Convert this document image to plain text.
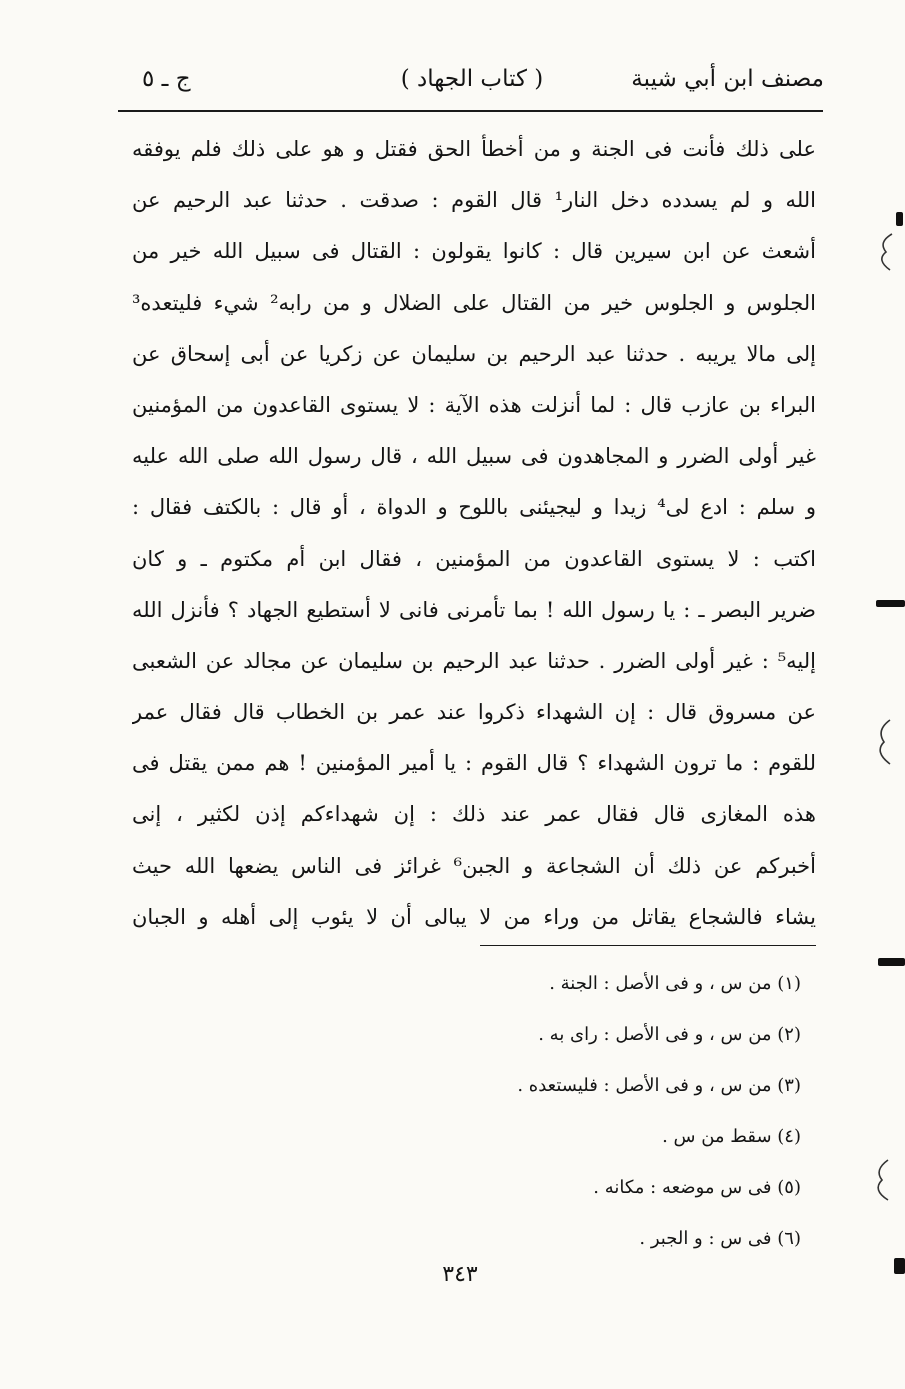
مصنف ابن أبي شيبة
( كتاب الجهاد )
ج ـ ٥
على ذلك فأنت فى الجنة و من أخطأ الحق فقتل و هو على ذلك فلم يوفقه
الله و لم يسدده دخل النار¹ قال القوم : صدقت . حدثنا عبد الرحيم عن
أشعث عن ابن سيرين قال : كانوا يقولون : القتال فى سبيل الله خير من
الجلوس و الجلوس خير من القتال على الضلال و من رابه² شيء فليتعده³
إلى مالا يريبه . حدثنا عبد الرحيم بن سليمان عن زكريا عن أبى إسحاق عن
البراء بن عازب قال : لما أنزلت هذه الآية : لا يستوى القاعدون من المؤمنين
غير أولى الضرر و المجاهدون فى سبيل الله ، قال رسول الله صلى الله عليه
و سلم : ادع لى⁴ زيدا و ليجيئنى باللوح و الدواة ، أو قال : بالكتف فقال :
اكتب : لا يستوى القاعدون من المؤمنين ، فقال ابن أم مكتوم ـ و كان
ضرير البصر ـ : يا رسول الله ! بما تأمرنى فانى لا أستطيع الجهاد ؟ فأنزل الله
إليه⁵ : غير أولى الضرر . حدثنا عبد الرحيم بن سليمان عن مجالد عن الشعبى
عن مسروق قال : إن الشهداء ذكروا عند عمر بن الخطاب قال فقال عمر
للقوم : ما ترون الشهداء ؟ قال القوم : يا أمير المؤمنين ! هم ممن يقتل فى
هذه المغازى قال فقال عمر عند ذلك : إن شهداءكم إذن لكثير ، إنى
أخبركم عن ذلك أن الشجاعة و الجبن⁶ غرائز فى الناس يضعها الله حيث
يشاء فالشجاع يقاتل من وراء من لا يبالى أن لا يئوب إلى أهله و الجبان
(١) من س ، و فى الأصل : الجنة .
(٢) من س ، و فى الأصل : راى به .
(٣) من س ، و فى الأصل : فليستعده .
(٤) سقط من س .
(٥) فى س موضعه : مكانه .
(٦) فى س : و الجبر .
٣٤٣
